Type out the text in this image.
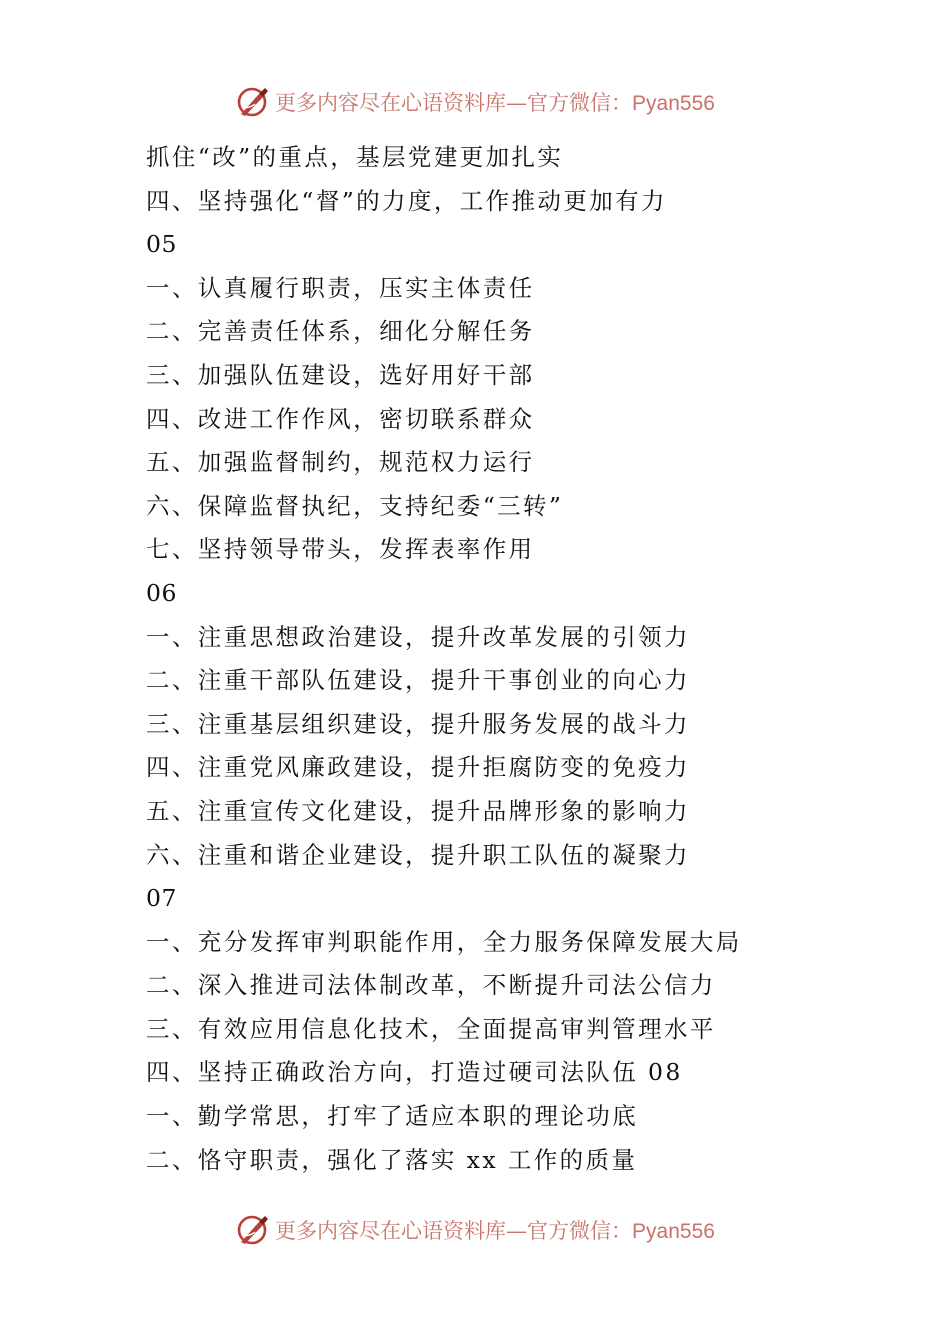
更多内容尽在心语资料库—官方微信：Pyan556
抓住“改”的重点，基层党建更加扎实
四、坚持强化“督”的力度，工作推动更加有力
05
一、认真履行职责，压实主体责任
二、完善责任体系，细化分解任务
三、加强队伍建设，选好用好干部
四、改进工作作风，密切联系群众
五、加强监督制约，规范权力运行
六、保障监督执纪，支持纪委“三转”
七、坚持领导带头，发挥表率作用
06
一、注重思想政治建设，提升改革发展的引领力
二、注重干部队伍建设，提升干事创业的向心力
三、注重基层组织建设，提升服务发展的战斗力
四、注重党风廉政建设，提升拒腐防变的免疫力
五、注重宣传文化建设，提升品牌形象的影响力
六、注重和谐企业建设，提升职工队伍的凝聚力
07
一、充分发挥审判职能作用，全力服务保障发展大局
二、深入推进司法体制改革，不断提升司法公信力
三、有效应用信息化技术，全面提高审判管理水平
四、坚持正确政治方向，打造过硬司法队伍 08
一、勤学常思，打牢了适应本职的理论功底
二、恪守职责，强化了落实 xx 工作的质量
更多内容尽在心语资料库—官方微信：Pyan556
